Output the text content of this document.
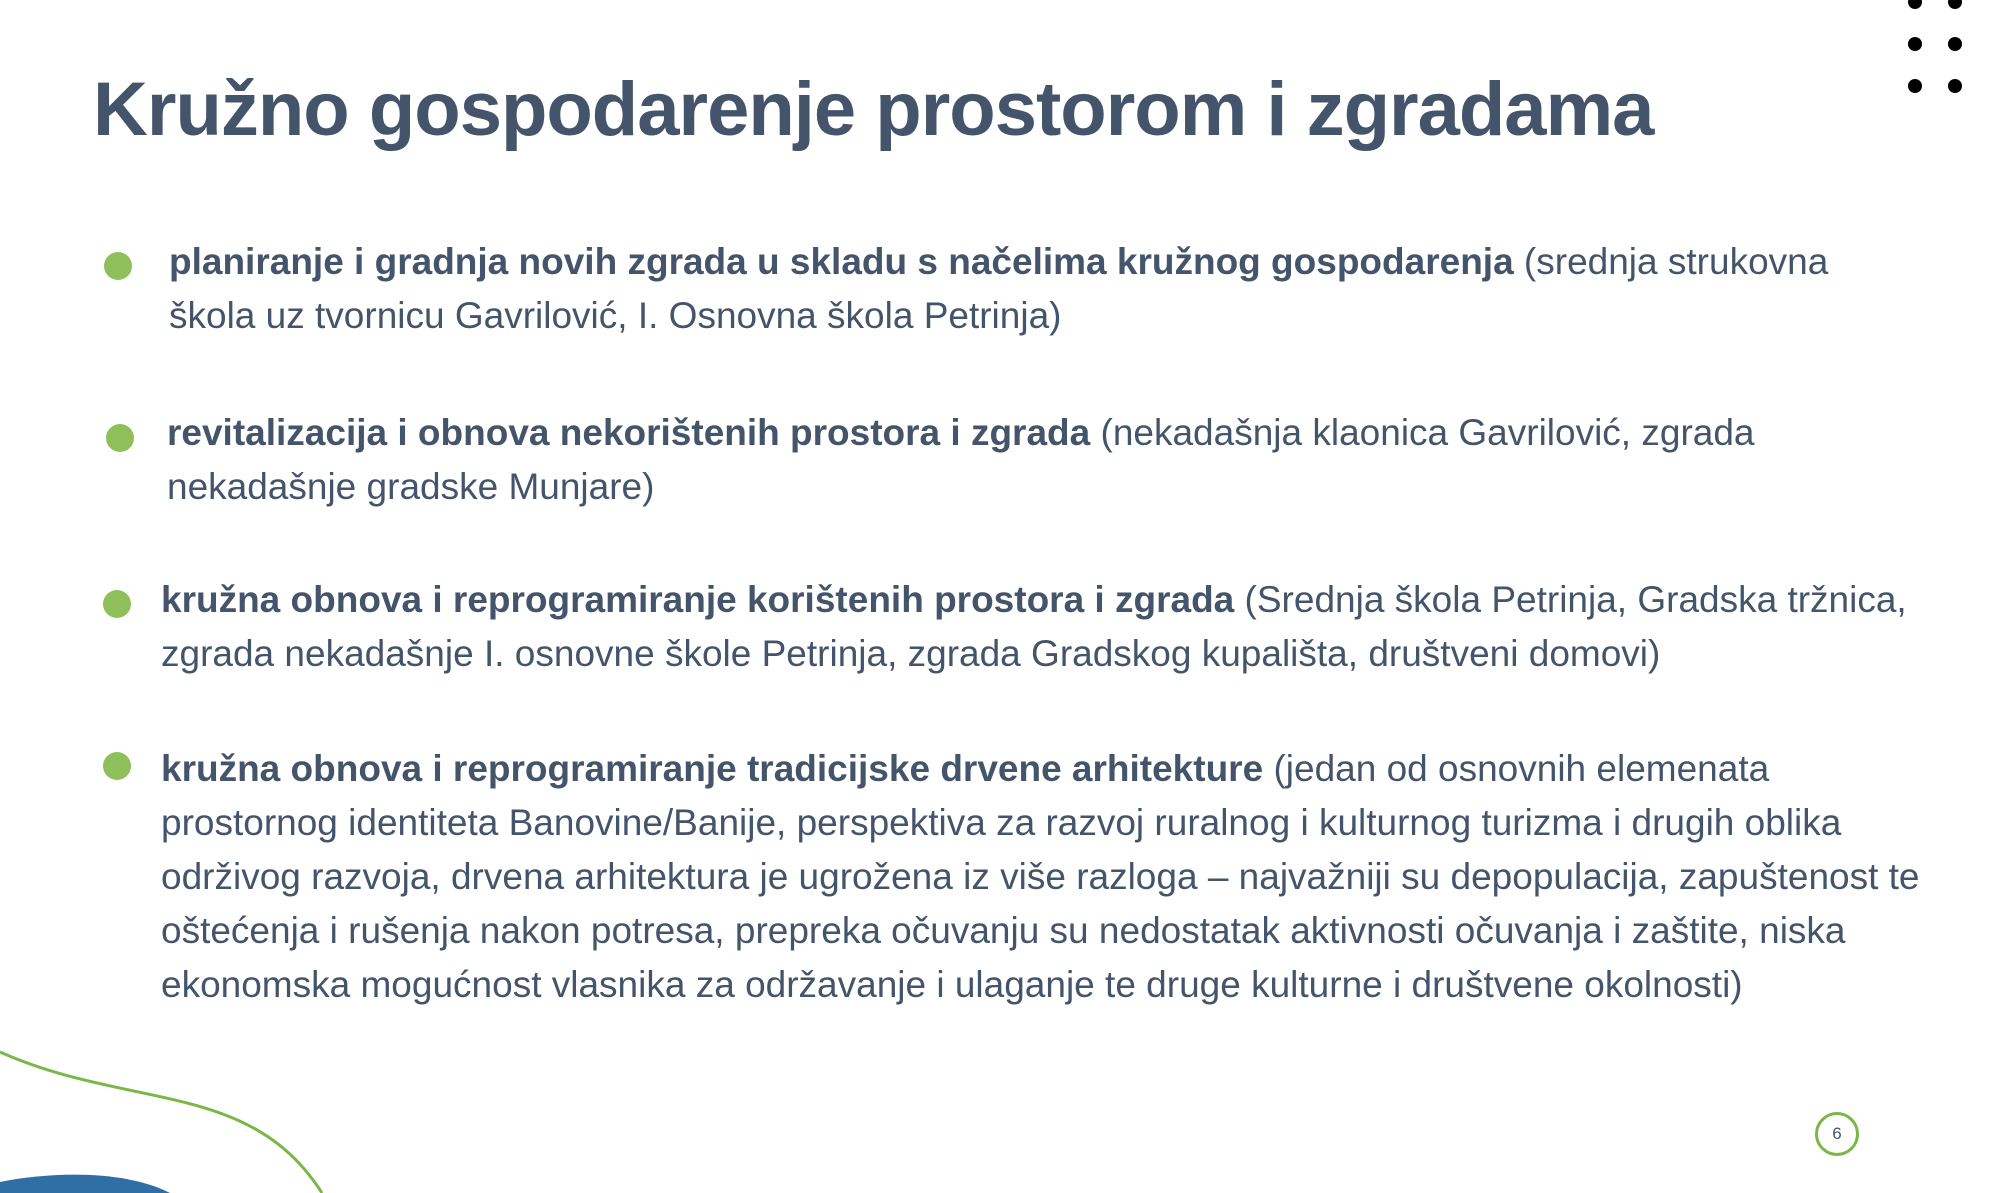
Kružno gospodarenje prostorom i zgradama
planiranje i gradnja novih zgrada u skladu s načelima kružnog gospodarenja (srednja strukovna škola uz tvornicu Gavrilović, I. Osnovna škola Petrinja)
revitalizacija i obnova nekorištenih prostora i zgrada (nekadašnja klaonica Gavrilović, zgrada nekadašnje gradske Munjare)
kružna obnova i reprogramiranje korištenih prostora i zgrada (Srednja škola Petrinja, Gradska tržnica, zgrada nekadašnje I. osnovne škole Petrinja, zgrada Gradskog kupališta, društveni domovi)
kružna obnova i reprogramiranje tradicijske drvene arhitekture (jedan od osnovnih elemenata prostornog identiteta Banovine/Banije, perspektiva za razvoj ruralnog i kulturnog turizma i drugih oblika održivog razvoja, drvena arhitektura je ugrožena iz više razloga – najvažniji su depopulacija, zapuštenost te oštećenja i rušenja nakon potresa, prepreka očuvanju su nedostatak aktivnosti očuvanja i zaštite, niska ekonomska mogućnost vlasnika za održavanje i ulaganje te druge kulturne i društvene okolnosti)
6
